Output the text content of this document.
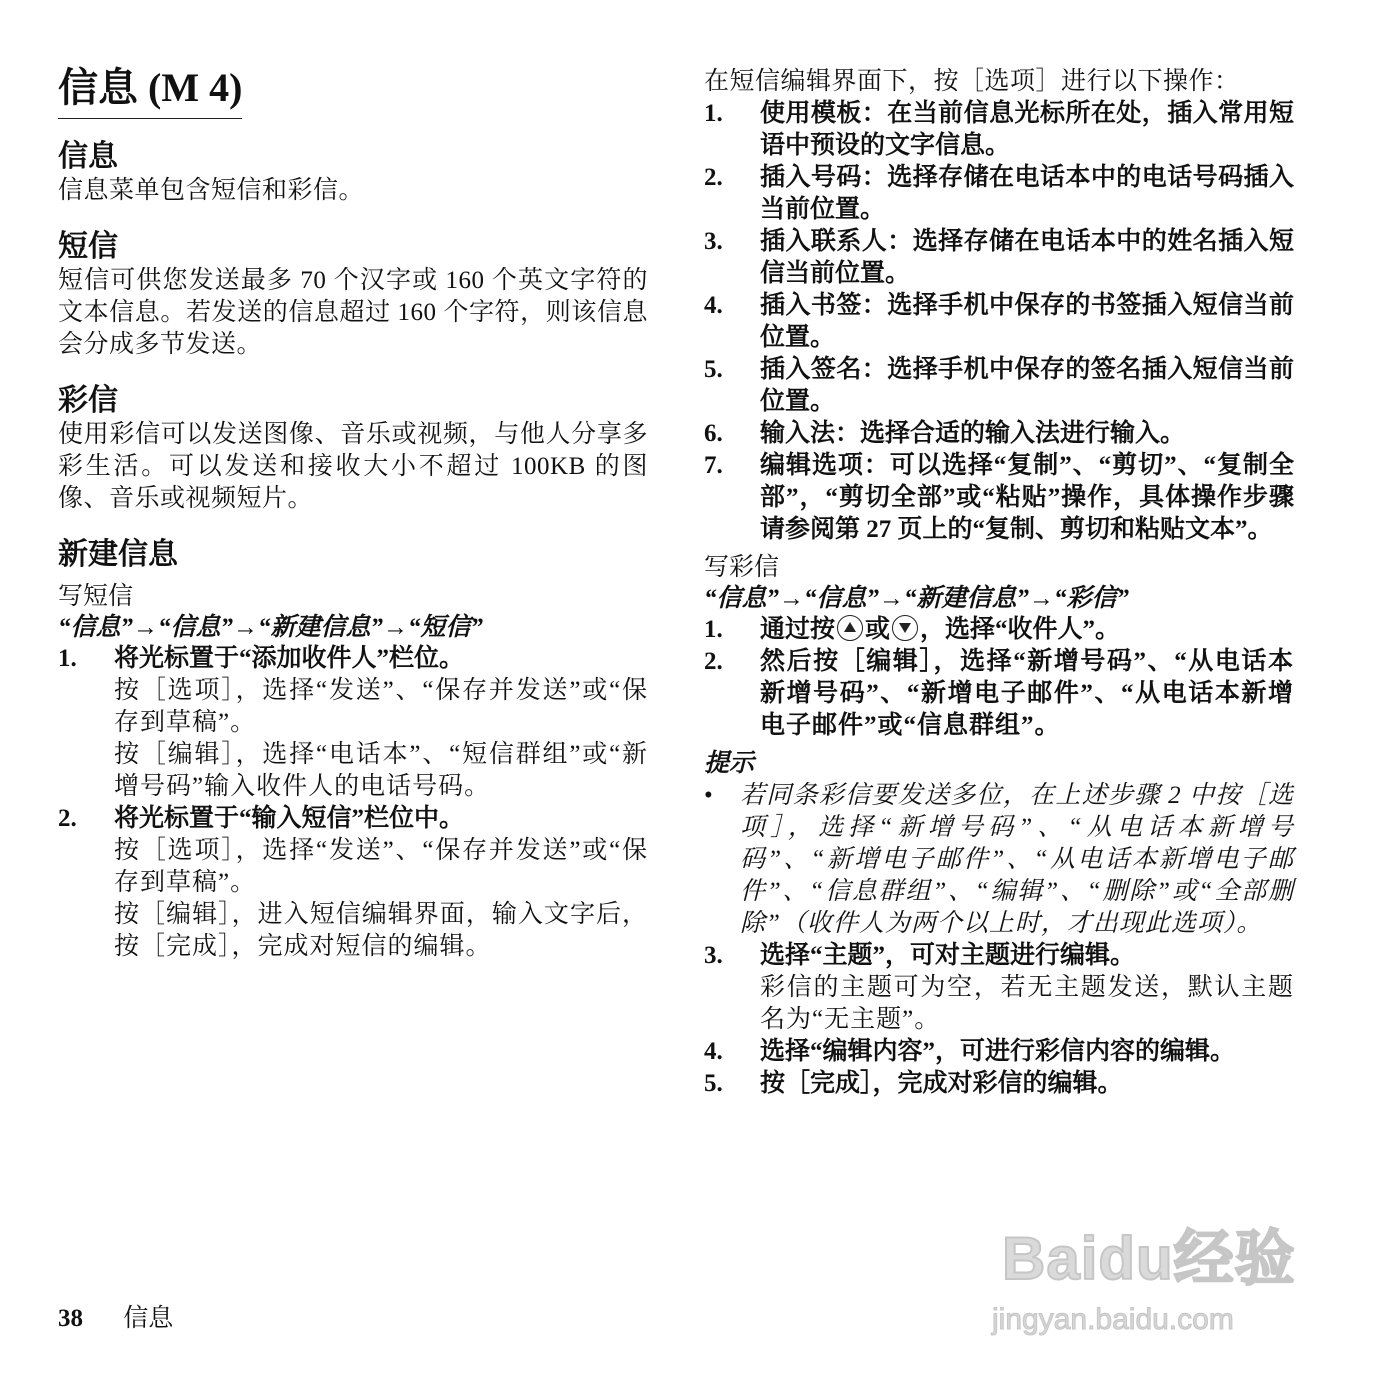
信息 (M 4)
信息

信息菜单包含短信和彩信。

短信

短信可供您发送最多 70 个汉字或 160 个英文字符的文本信息。若发送的信息超过 160 个字符，则该信息会分成多节发送。

彩信

使用彩信可以发送图像、音乐或视频，与他人分享多彩生活。可以发送和接收大小不超过 100KB 的图像、音乐或视频短片。

新建信息

写短信

“信息”→“信息”→“新建信息”→“短信”

1. 将光标置于“添加收件人”栏位。
按［选项］，选择“发送”、“保存并发送”或“保存到草稿”。
按［编辑］，选择“电话本”、“短信群组”或“新增号码”输入收件人的电话号码。
2. 将光标置于“输入短信”栏位中。
按［选项］，选择“发送”、“保存并发送”或“保存到草稿”。
按［编辑］，进入短信编辑界面，输入文字后，按［完成］，完成对短信的编辑。

在短信编辑界面下，按［选项］进行以下操作：

1. 使用模板：在当前信息光标所在处，插入常用短语中预设的文字信息。
2. 插入号码：选择存储在电话本中的电话号码插入当前位置。
3. 插入联系人：选择存储在电话本中的姓名插入短信当前位置。
4. 插入书签：选择手机中保存的书签插入短信当前位置。
5. 插入签名：选择手机中保存的签名插入短信当前位置。
6. 输入法：选择合适的输入法进行输入。
7. 编辑选项：可以选择“复制”、“剪切”、“复制全部”，“剪切全部”或“粘贴”操作，具体操作步骤请参阅第 27 页上的“复制、剪切和粘贴文本”。

写彩信

“信息”→“信息”→“新建信息”→“彩信”

1. 通过按 或 ，选择“收件人”。
2. 然后按［编辑］，选择“新增号码”、“从电话本新增号码”、“新增电子邮件”、“从电话本新增电子邮件”或“信息群组”。

提示

• 若同条彩信要发送多位，在上述步骤 2 中按［选项］，选择“新增号码”、“从电话本新增号码”、“新增电子邮件”、“从电话本新增电子邮件”、“信息群组”、“编辑”、“删除”或“全部删除”（收件人为两个以上时，才出现此选项）。
3. 选择“主题”，可对主题进行编辑。
彩信的主题可为空，若无主题发送，默认主题名为“无主题”。
4. 选择“编辑内容”，可进行彩信内容的编辑。
5. 按［完成］，完成对彩信的编辑。
38 信息
Baidu经验
jingyan.baidu.com
